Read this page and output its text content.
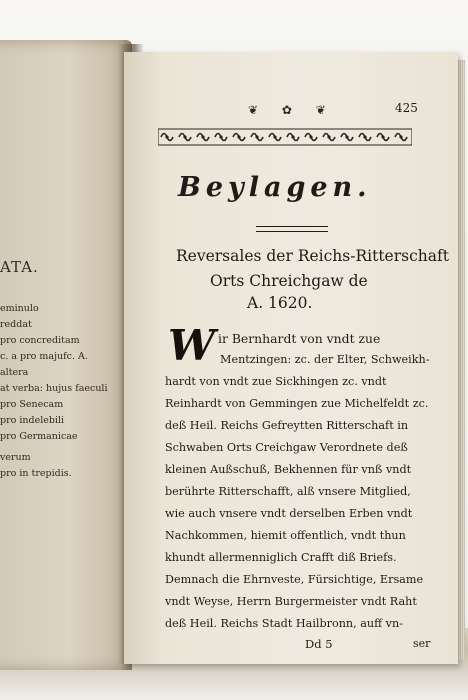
ATA.
eminulo
reddat
pro concreditam
c. a pro majufc. A.
altera
at verba: hujus faeculi
pro Senecam
pro indelebili
pro Germanicae
verum
pro in trepidis.
❦ ✿ ❦	425
Beylagen.
Reversales der Reichs-Ritterschaft
Orts Chreichgaw de
A. 1620.
W ir Bernhardt von vndt zue
Mentzingen: zc. der Elter, Schweikh-
hardt von vndt zue Sickhingen zc. vndt
Reinhardt von Gemmingen zue Michelfeldt zc.
deß Heil. Reichs Gefreytten Ritterschaft in
Schwaben Orts Creichgaw Verordnete deß
kleinen Außschuß, Bekhennen für vnß vndt
berührte Ritterschafft, alß vnsere Mitglied,
wie auch vnsere vndt derselben Erben vndt
Nachkommen, hiemit offentlich, vndt thun
khundt allermenniglich Crafft diß Briefs.
Demnach die Ehrnveste, Fürsichtige, Ersame
vndt Weyse, Herrn Burgermeister vndt Raht
deß Heil. Reichs Stadt Hailbronn, auff vn-
Dd 5	ser
